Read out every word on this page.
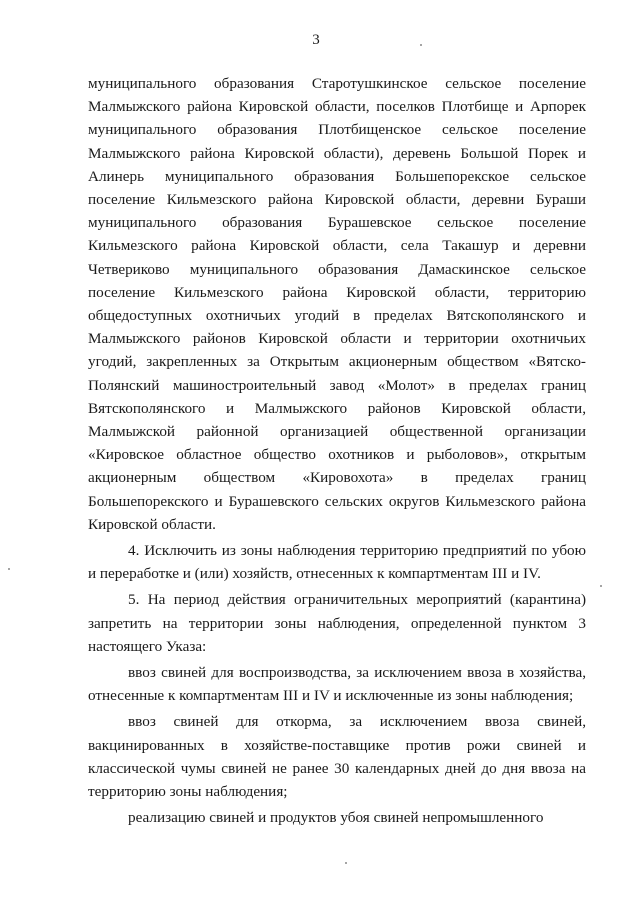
3

муниципального образования Старотушкинское сельское поселение Малмыжского района Кировской области, поселков Плотбище и Арпорек муниципального образования Плотбищенское сельское поселение Малмыжского района Кировской области), деревень Большой Порек и Алинерь муниципального образования Большепорекское сельское поселение Кильмезского района Кировской области, деревни Бураши муниципального образования Бурашевское сельское поселение Кильмезского района Кировской области, села Такашур и деревни Четвериково муниципального образования Дамаскинское сельское поселение Кильмезского района Кировской области, территорию общедоступных охотничьих угодий в пределах Вятскополянского и Малмыжского районов Кировской области и территории охотничьих угодий, закрепленных за Открытым акционерным обществом «Вятско-Полянский машиностроительный завод «Молот» в пределах границ Вятскополянского и Малмыжского районов Кировской области, Малмыжской районной организацией общественной организации «Кировское областное общество охотников и рыболовов», открытым акционерным обществом «Кировохота» в пределах границ Большепорекского и Бурашевского сельских округов Кильмезского района Кировской области.

4. Исключить из зоны наблюдения территорию предприятий по убою и переработке и (или) хозяйств, отнесенных к компартментам III и IV.

5. На период действия ограничительных мероприятий (карантина) запретить на территории зоны наблюдения, определенной пунктом 3 настоящего Указа:

ввоз свиней для воспроизводства, за исключением ввоза в хозяйства, отнесенные к компартментам III и IV и исключенные из зоны наблюдения;

ввоз свиней для откорма, за исключением ввоза свиней, вакцинированных в хозяйстве-поставщике против рожи свиней и классической чумы свиней не ранее 30 календарных дней до дня ввоза на территорию зоны наблюдения;

реализацию свиней и продуктов убоя свиней непромышленного
